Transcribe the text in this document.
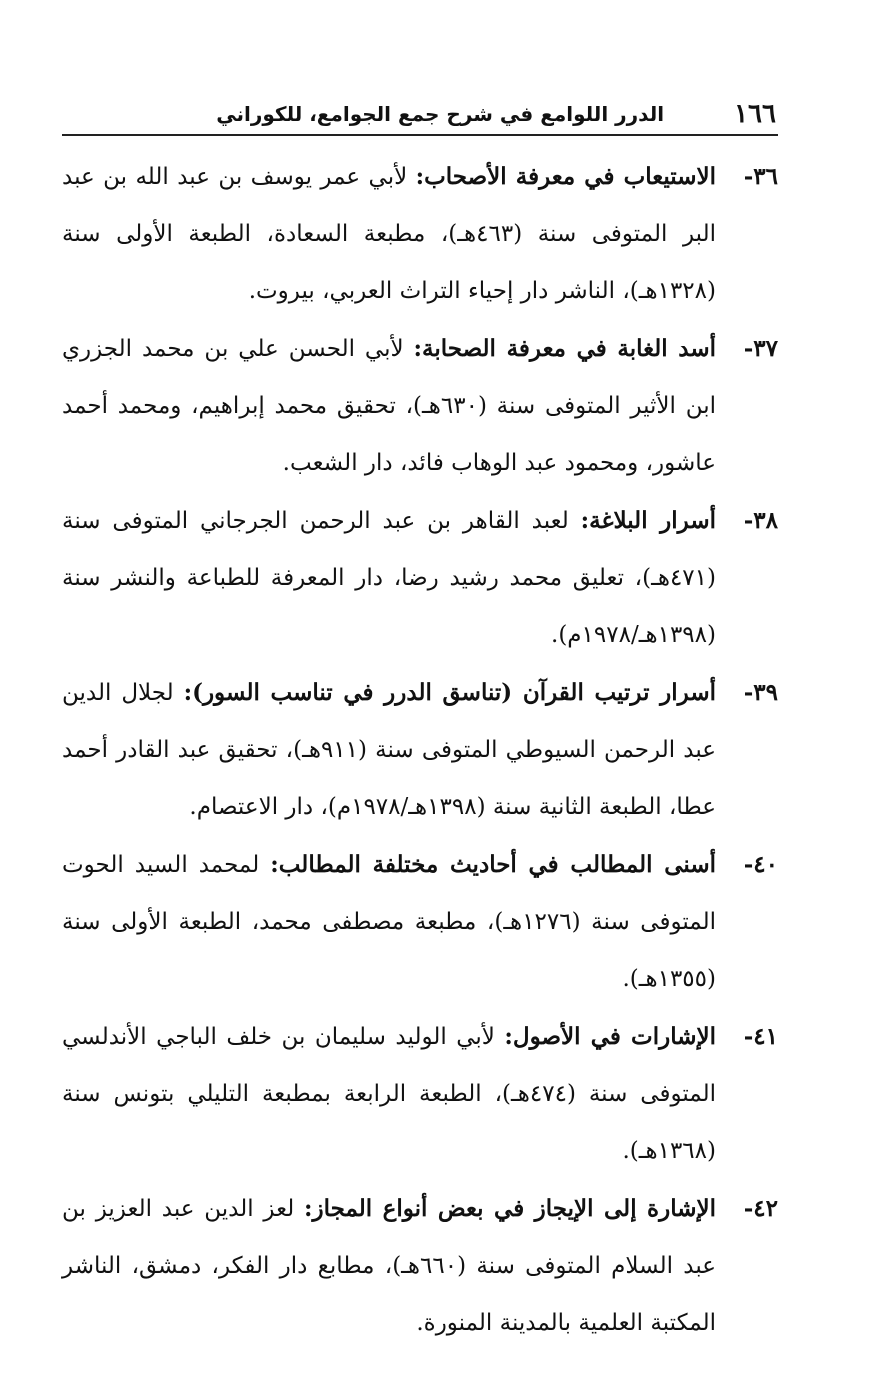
١٦٦
الدرر اللوامع في شرح جمع الجوامع، للكوراني
٣٦-
الاستيعاب في معرفة الأصحاب: لأبي عمر يوسف بن عبد الله بن عبد البر المتوفى سنة (٤٦٣هـ)، مطبعة السعادة، الطبعة الأولى سنة (١٣٢٨هـ)، الناشر دار إحياء التراث العربي، بيروت.
٣٧-
أسد الغابة في معرفة الصحابة: لأبي الحسن علي بن محمد الجزري ابن الأثير المتوفى سنة (٦٣٠هـ)، تحقيق محمد إبراهيم، ومحمد أحمد عاشور، ومحمود عبد الوهاب فائد، دار الشعب.
٣٨-
أسرار البلاغة: لعبد القاهر بن عبد الرحمن الجرجاني المتوفى سنة (٤٧١هـ)، تعليق محمد رشيد رضا، دار المعرفة للطباعة والنشر سنة (١٣٩٨هـ/١٩٧٨م).
٣٩-
أسرار ترتيب القرآن (تناسق الدرر في تناسب السور): لجلال الدين عبد الرحمن السيوطي المتوفى سنة (٩١١هـ)، تحقيق عبد القادر أحمد عطا، الطبعة الثانية سنة (١٣٩٨هـ/١٩٧٨م)، دار الاعتصام.
٤٠-
أسنى المطالب في أحاديث مختلفة المطالب: لمحمد السيد الحوت المتوفى سنة (١٢٧٦هـ)، مطبعة مصطفى محمد، الطبعة الأولى سنة (١٣٥٥هـ).
٤١-
الإشارات في الأصول: لأبي الوليد سليمان بن خلف الباجي الأندلسي المتوفى سنة (٤٧٤هـ)، الطبعة الرابعة بمطبعة التليلي بتونس سنة (١٣٦٨هـ).
٤٢-
الإشارة إلى الإيجاز في بعض أنواع المجاز: لعز الدين عبد العزيز بن عبد السلام المتوفى سنة (٦٦٠هـ)، مطابع دار الفكر، دمشق، الناشر المكتبة العلمية بالمدينة المنورة.
